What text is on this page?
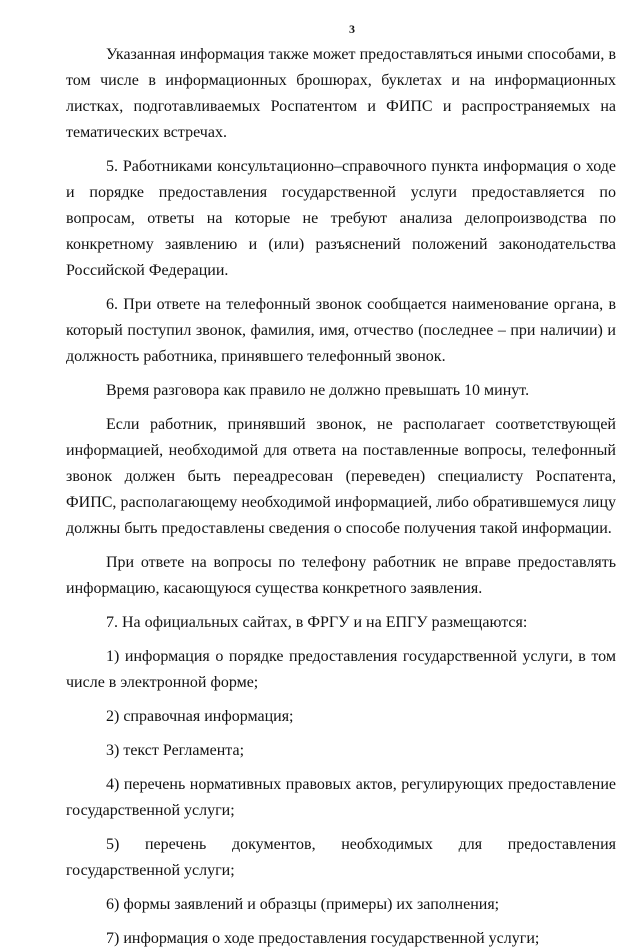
3

Указанная информация также может предоставляться иными способами, в том числе в информационных брошюрах, буклетах и на информационных листках, подготавливаемых Роспатентом и ФИПС и распространяемых на тематических встречах.

5. Работниками консультационно–справочного пункта информация о ходе и порядке предоставления государственной услуги предоставляется по вопросам, ответы на которые не требуют анализа делопроизводства по конкретному заявлению и (или) разъяснений положений законодательства Российской Федерации.

6. При ответе на телефонный звонок сообщается наименование органа, в который поступил звонок, фамилия, имя, отчество (последнее – при наличии) и должность работника, принявшего телефонный звонок.

Время разговора как правило не должно превышать 10 минут.

Если работник, принявший звонок, не располагает соответствующей информацией, необходимой для ответа на поставленные вопросы, телефонный звонок должен быть переадресован (переведен) специалисту Роспатента, ФИПС, располагающему необходимой информацией, либо обратившемуся лицу должны быть предоставлены сведения о способе получения такой информации.

При ответе на вопросы по телефону работник не вправе предоставлять информацию, касающуюся существа конкретного заявления.

7. На официальных сайтах, в ФРГУ и на ЕПГУ размещаются:

1) информация о порядке предоставления государственной услуги, в том числе в электронной форме;

2) справочная информация;

3) текст Регламента;

4) перечень нормативных правовых актов, регулирующих предоставление государственной услуги;

5) перечень документов, необходимых для предоставления государственной услуги;

6) формы заявлений и образцы (примеры) их заполнения;

7) информация о ходе предоставления государственной услуги;
